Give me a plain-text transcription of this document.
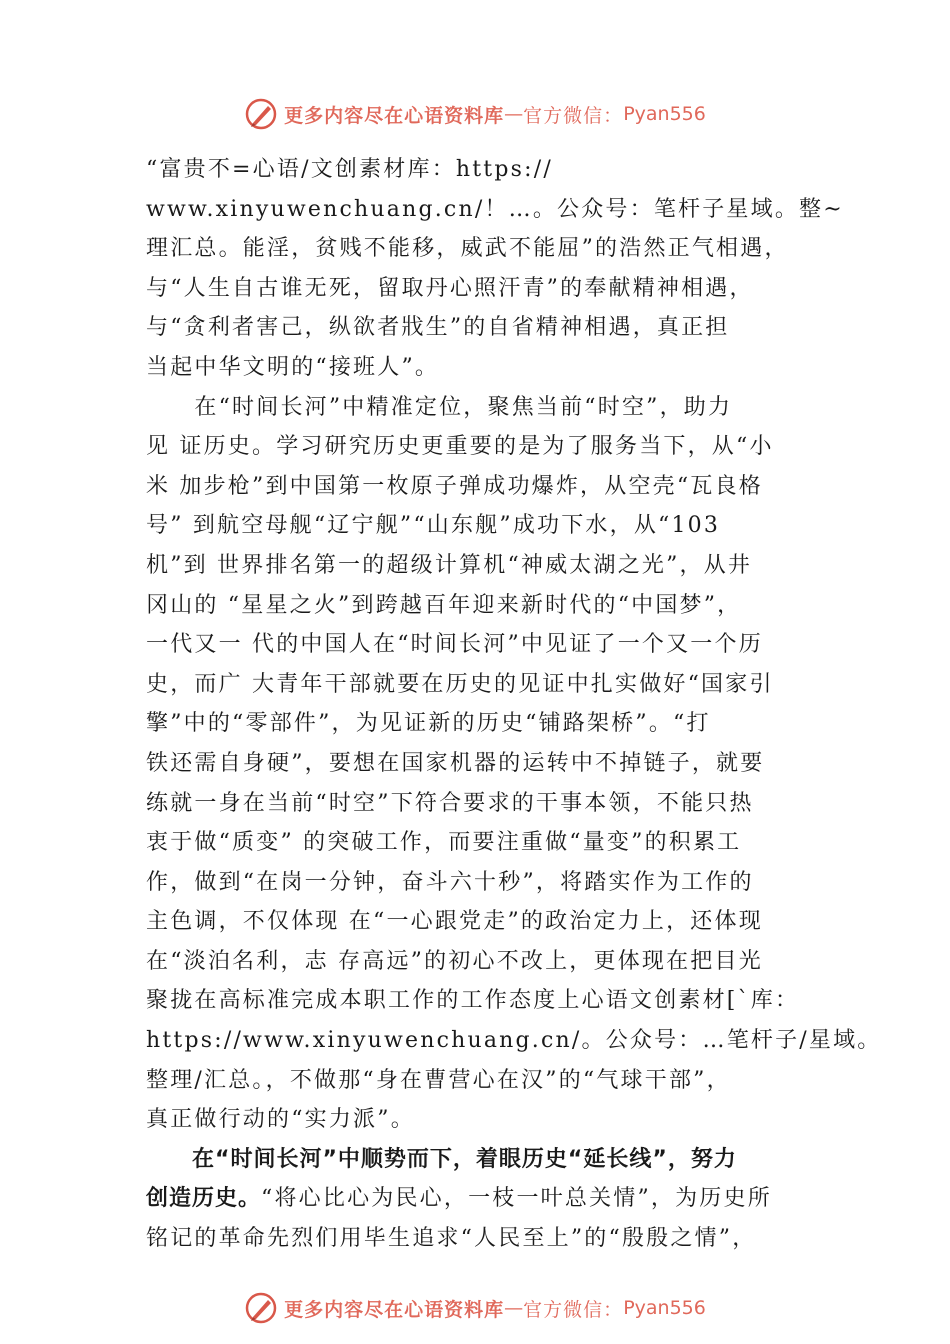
更多内容尽在心语资料库 — 官方微信： Pyan556
“富贵不=心语/文创素材库：https://
www.xinyuwenchuang.cn/！…。公众号：笔杆子星域。整~
理汇总。能淫，贫贱不能移，威武不能屈”的浩然正气相遇，
与“人生自古谁无死，留取丹心照汗青”的奉献精神相遇，
与“贪利者害己，纵欲者戕生”的自省精神相遇，真正担
当起中华文明的“接班人”。
　　在“时间长河”中精准定位，聚焦当前“时空”，助力
见 证历史。学习研究历史更重要的是为了服务当下，从“小
米 加步枪”到中国第一枚原子弹成功爆炸，从空壳“瓦良格
号” 到航空母舰“辽宁舰”“山东舰”成功下水，从“103
机”到 世界排名第一的超级计算机“神威太湖之光”，从井
冈山的 “星星之火”到跨越百年迎来新时代的“中国梦”，
一代又一 代的中国人在“时间长河”中见证了一个又一个历
史，而广 大青年干部就要在历史的见证中扎实做好“国家引
擎”中的“零部件”，为见证新的历史“铺路架桥”。“打
铁还需自身硬”，要想在国家机器的运转中不掉链子，就要
练就一身在当前“时空”下符合要求的干事本领，不能只热
衷于做“质变” 的突破工作，而要注重做“量变”的积累工
作，做到“在岗一分钟，奋斗六十秒”，将踏实作为工作的
主色调，不仅体现 在“一心跟党走”的政治定力上，还体现
在“淡泊名利，志 存高远”的初心不改上，更体现在把目光
聚拢在高标准完成本职工作的工作态度上心语文创素材[`库：
https://www.xinyuwenchuang.cn/。公众号：…笔杆子/星域。
整理/汇总。，不做那“身在曹营心在汉”的“气球干部”，
真正做行动的“实力派”。
　　在“时间长河”中顺势而下，着眼历史“延长线”，努力
创造历史。“将心比心为民心，一枝一叶总关情”，为历史所
铭记的革命先烈们用毕生追求“人民至上”的“殷殷之情”，
更多内容尽在心语资料库 — 官方微信： Pyan556
